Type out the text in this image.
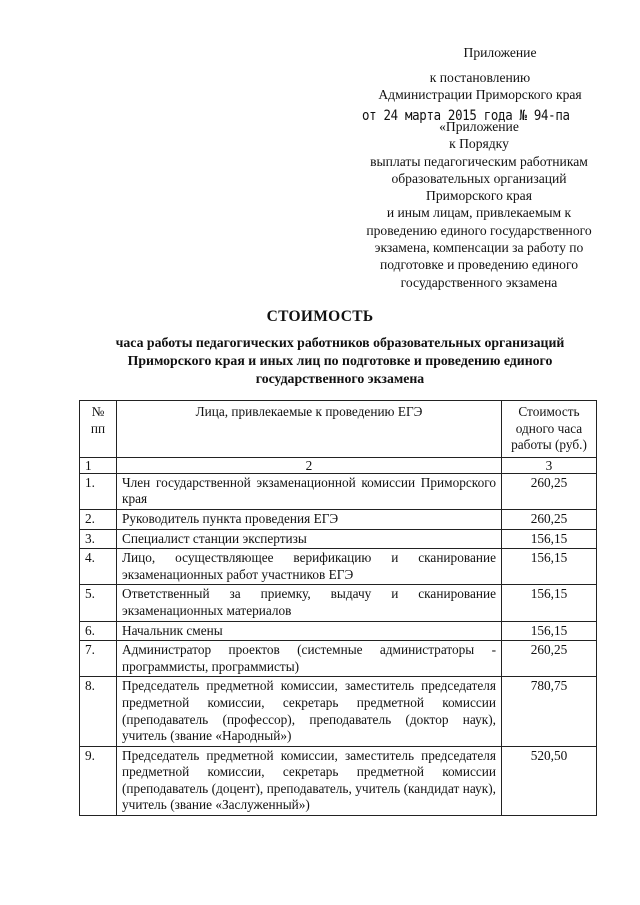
Приложение
к постановлению
Администрации Приморского края
от 24 марта 2015 года № 94-па
«Приложение
к Порядку
выплаты педагогическим работникам
образовательных организаций
Приморского края
и иным лицам, привлекаемым к
проведению единого государственного
экзамена, компенсации за работу по
подготовке и проведению единого
государственного экзамена
СТОИМОСТЬ
часа работы педагогических работников образовательных организаций
Приморского края и иных лиц по подготовке и проведению единого
государственного экзамена
№
пп	Лица, привлекаемые к проведению ЕГЭ	Стоимость одного часа работы (руб.)
1	2	3
1.	Член государственной экзаменационной комиссии Приморского края	260,25
2.	Руководитель пункта проведения ЕГЭ	260,25
3.	Специалист станции экспертизы	156,15
4.	Лицо, осуществляющее верификацию и сканирование экзаменационных работ участников ЕГЭ	156,15
5.	Ответственный за приемку, выдачу и сканирование экзаменационных материалов	156,15
6.	Начальник смены	156,15
7.	Администратор проектов (системные администраторы - программисты, программисты)	260,25
8.	Председатель предметной комиссии, заместитель председателя предметной комиссии, секретарь предметной комиссии (преподаватель (профессор), преподаватель (доктор наук), учитель (звание «Народный»)	780,75
9.	Председатель предметной комиссии, заместитель председателя предметной комиссии, секретарь предметной комиссии (преподаватель (доцент), преподаватель, учитель (кандидат наук), учитель (звание «Заслуженный»)	520,50
